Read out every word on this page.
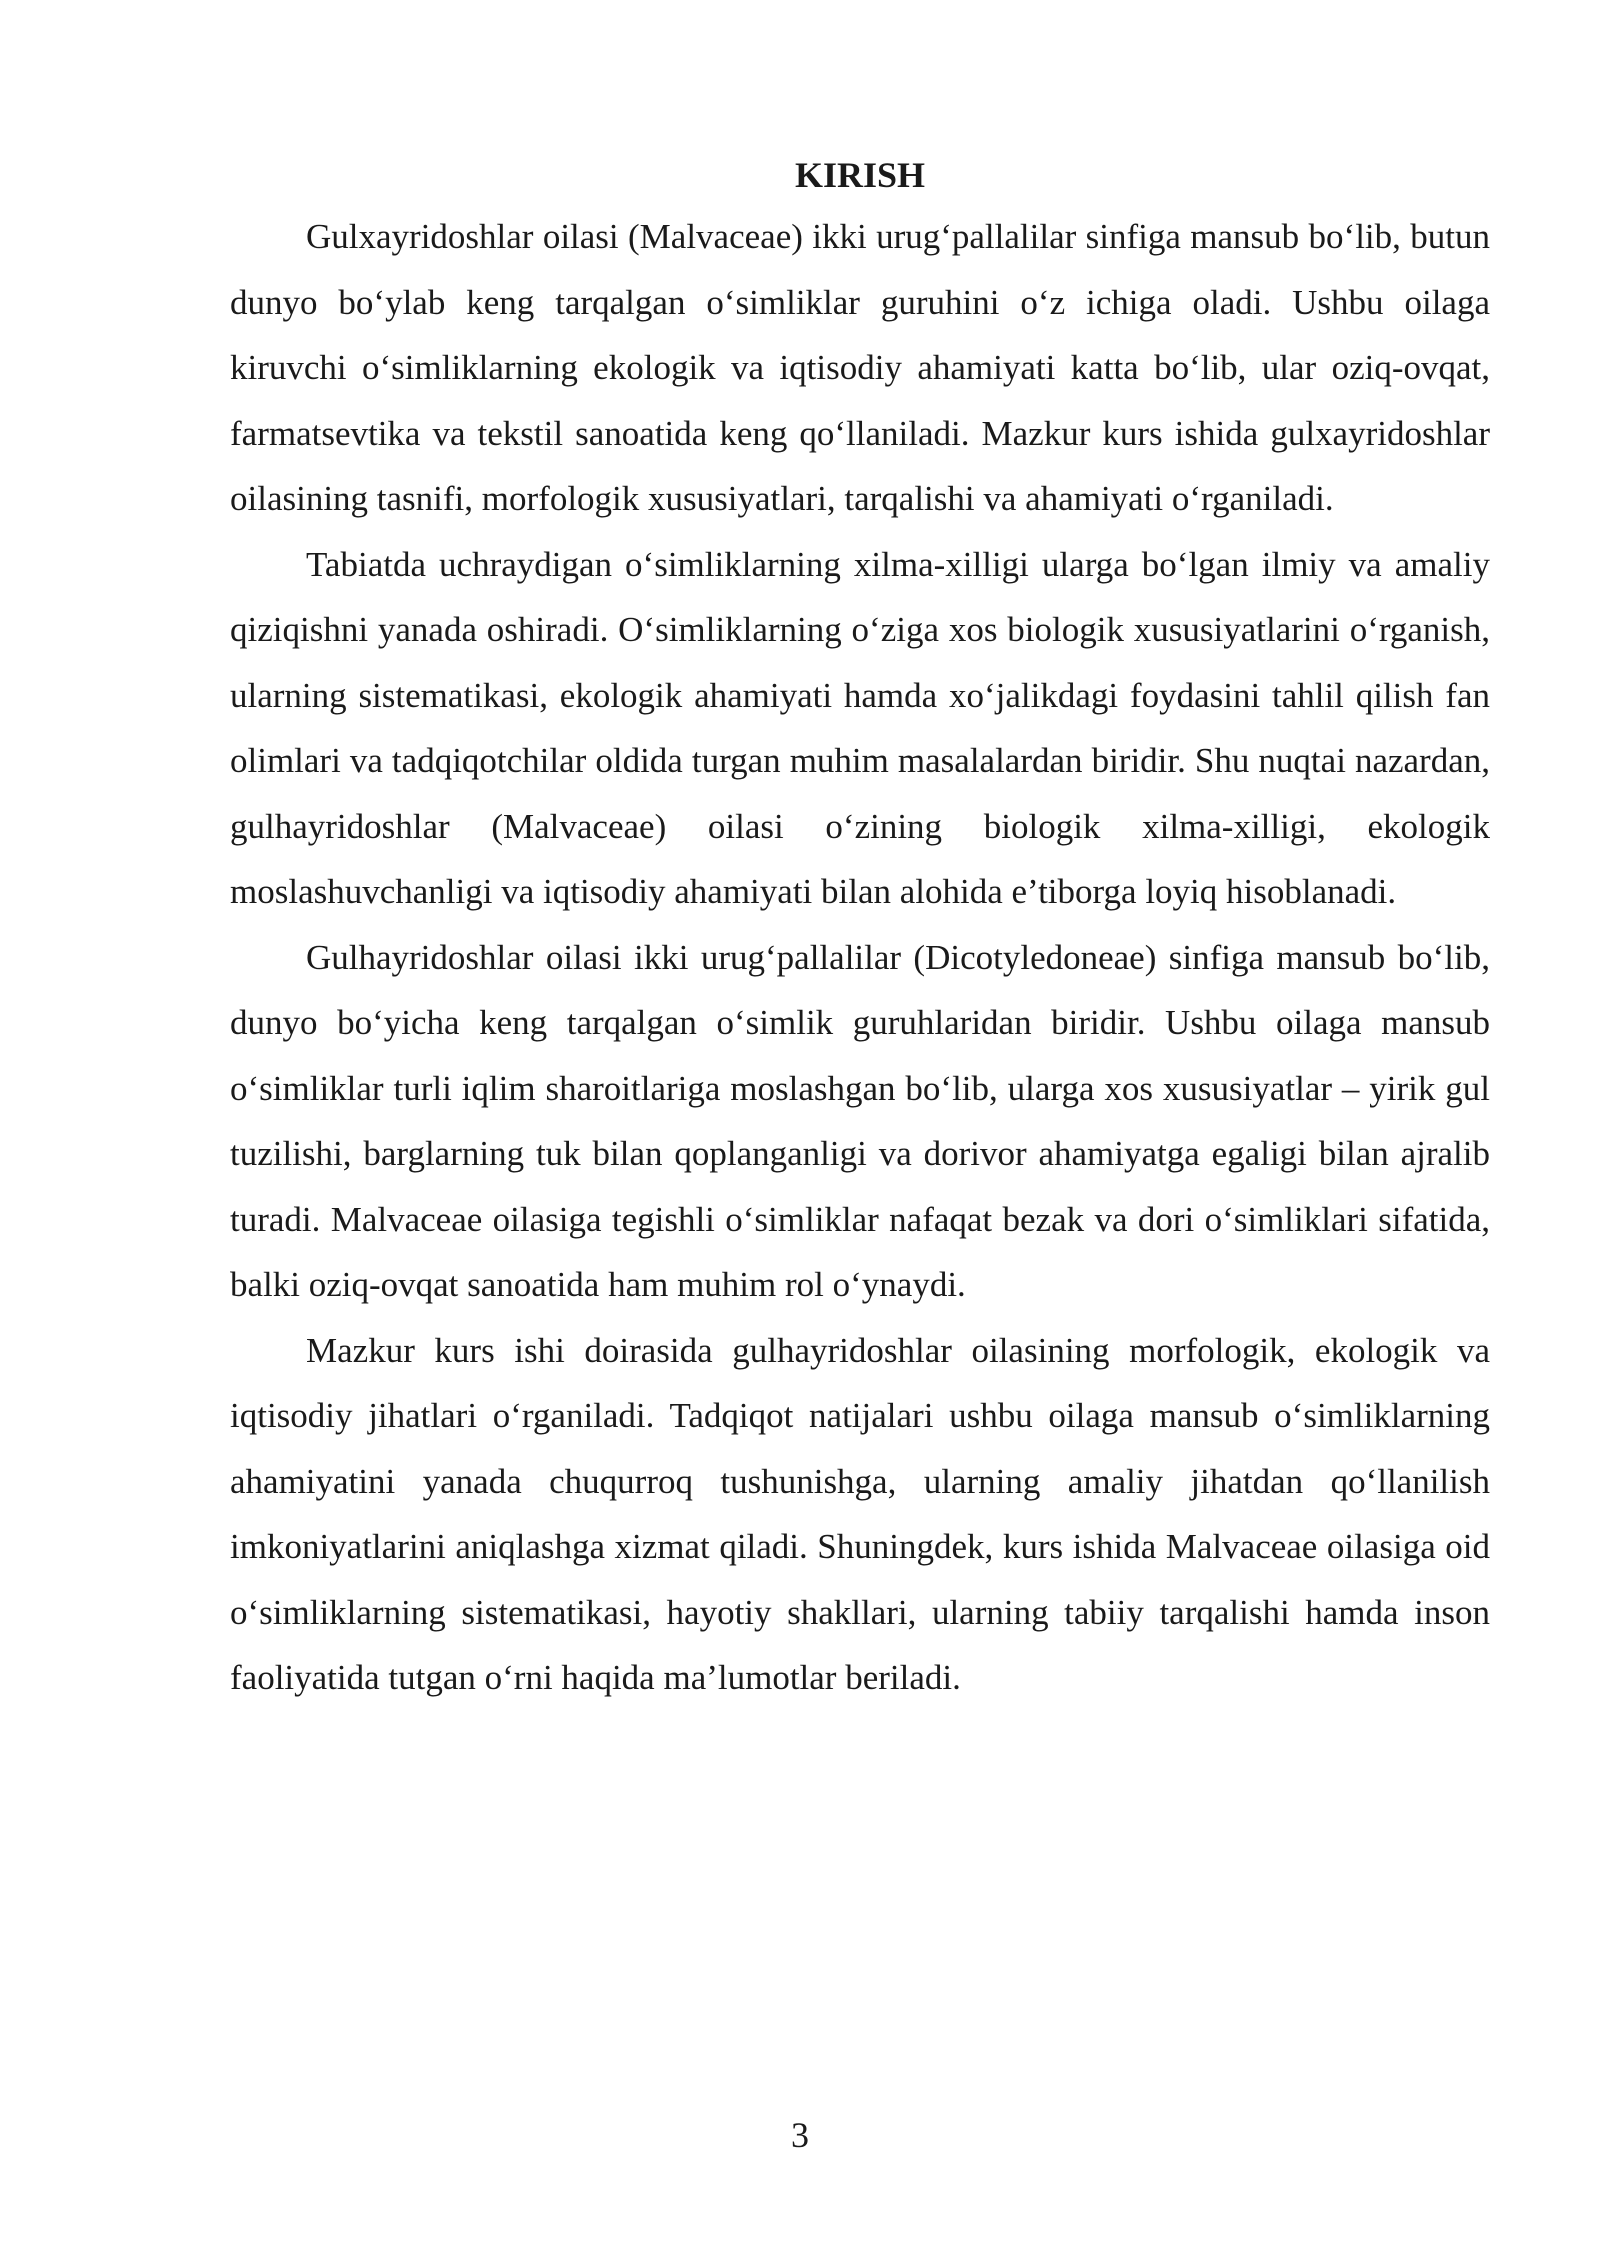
KIRISH

Gulxayridoshlar oilasi (Malvaceae) ikki urug‘pallalilar sinfiga mansub bo‘lib, butun dunyo bo‘ylab keng tarqalgan o‘simliklar guruhini o‘z ichiga oladi. Ushbu oilaga kiruvchi o‘simliklarning ekologik va iqtisodiy ahamiyati katta bo‘lib, ular oziq-ovqat, farmatsevtika va tekstil sanoatida keng qo‘llaniladi. Mazkur kurs ishida gulxayridoshlar oilasining tasnifi, morfologik xususiyatlari, tarqalishi va ahamiyati o‘rganiladi.

Tabiatda uchraydigan o‘simliklarning xilma-xilligi ularga bo‘lgan ilmiy va amaliy qiziqishni yanada oshiradi. O‘simliklarning o‘ziga xos biologik xususiyatlarini o‘rganish, ularning sistematikasi, ekologik ahamiyati hamda xo‘jalikdagi foydasini tahlil qilish fan olimlari va tadqiqotchilar oldida turgan muhim masalalardan biridir. Shu nuqtai nazardan, gulhayridoshlar (Malvaceae) oilasi o‘zining biologik xilma-xilligi, ekologik moslashuvchanligi va iqtisodiy ahamiyati bilan alohida e’tiborga loyiq hisoblanadi.

Gulhayridoshlar oilasi ikki urug‘pallalilar (Dicotyledoneae) sinfiga mansub bo‘lib, dunyo bo‘yicha keng tarqalgan o‘simlik guruhlaridan biridir. Ushbu oilaga mansub o‘simliklar turli iqlim sharoitlariga moslashgan bo‘lib, ularga xos xususiyatlar – yirik gul tuzilishi, barglarning tuk bilan qoplanganligi va dorivor ahamiyatga egaligi bilan ajralib turadi. Malvaceae oilasiga tegishli o‘simliklar nafaqat bezak va dori o‘simliklari sifatida, balki oziq-ovqat sanoatida ham muhim rol o‘ynaydi.

Mazkur kurs ishi doirasida gulhayridoshlar oilasining morfologik, ekologik va iqtisodiy jihatlari o‘rganiladi. Tadqiqot natijalari ushbu oilaga mansub o‘simliklarning ahamiyatini yanada chuqurroq tushunishga, ularning amaliy jihatdan qo‘llanilish imkoniyatlarini aniqlashga xizmat qiladi. Shuningdek, kurs ishida Malvaceae oilasiga oid o‘simliklarning sistematikasi, hayotiy shakllari, ularning tabiiy tarqalishi hamda inson faoliyatida tutgan o‘rni haqida ma’lumotlar beriladi.

3
